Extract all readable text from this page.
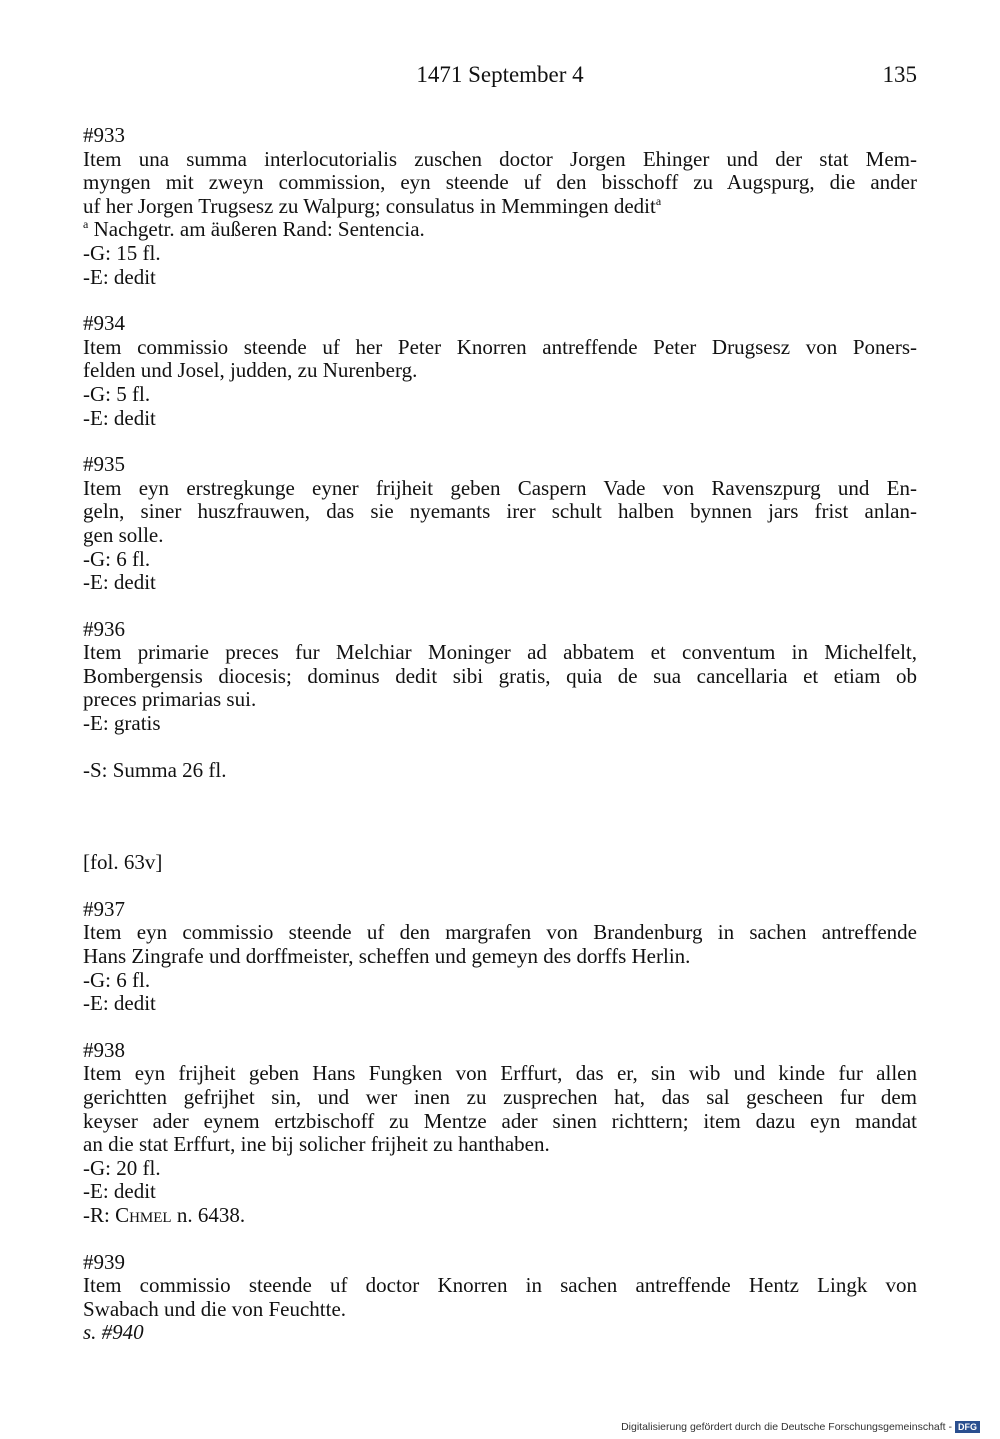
1471 September 4	135
#933
Item una summa interlocutorialis zuschen doctor Jorgen Ehinger und der stat Mem-
myngen mit zweyn commission, eyn steende uf den bisschoff zu Augspurg, die ander
uf her Jorgen Trugsesz zu Walpurg; consulatus in Memmingen dedit$^a$
$^a$ Nachgetr. am äußeren Rand: Sentencia.
-G: 15 fl.
-E: dedit
#934
Item commissio steende uf her Peter Knorren antreffende Peter Drugsesz von Poners-
felden und Josel, judden, zu Nurenberg.
-G: 5 fl.
-E: dedit
#935
Item eyn erstregkunge eyner frijheit geben Caspern Vade von Ravenszpurg und En-
geln, siner huszfrauwen, das sie nyemants irer schult halben bynnen jars frist anlan-
gen solle.
-G: 6 fl.
-E: dedit
#936
Item primarie preces fur Melchiar Moninger ad abbatem et conventum in Michelfelt,
Bombergensis diocesis; dominus dedit sibi gratis, quia de sua cancellaria et etiam ob
preces primarias sui.
-E: gratis
-S: Summa 26 fl.
[fol. 63v]
#937
Item eyn commissio steende uf den margrafen von Brandenburg in sachen antreffende
Hans Zingrafe und dorffmeister, scheffen und gemeyn des dorffs Herlin.
-G: 6 fl.
-E: dedit
#938
Item eyn frijheit geben Hans Fungken von Erffurt, das er, sin wib und kinde fur allen
gerichtten gefrijhet sin, und wer inen zu zusprechen hat, das sal gescheen fur dem
keyser ader eynem ertzbischoff zu Mentze ader sinen richttern; item dazu eyn mandat
an die stat Erffurt, ine bij solicher frijheit zu hanthaben.
-G: 20 fl.
-E: dedit
-R: Chmel n. 6438.
#939
Item commissio steende uf doctor Knorren in sachen antreffende Hentz Lingk von
Swabach und die von Feuchtte.
s. #940
Digitalisierung gefördert durch die Deutsche Forschungsgemeinschaft - DFG
